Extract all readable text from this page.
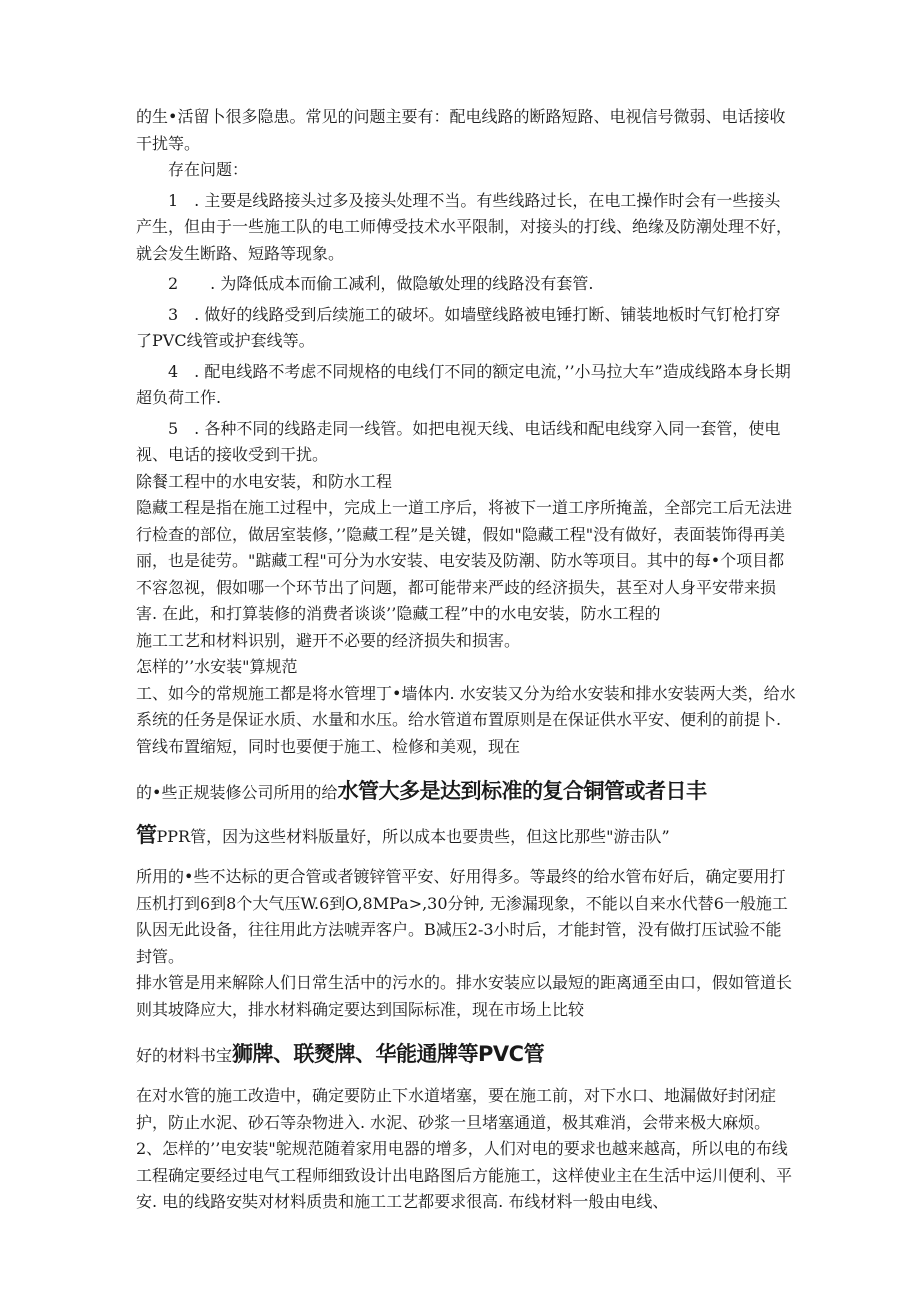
的生•活留卜很多隐患。常见的问题主要有：配电线路的断路短路、电视信号微弱、电话接收干扰等。

存在问题：

1　. 主要是线路接头过多及接头处理不当。有些线路过长，在电工操作时会有一些接头产生，但由于一些施工队的电工师傅受技术水平限制，对接头的打线、绝缘及防潮处理不好，就会发生断路、短路等现象。

2　　. 为降低成本而偷工减利，做隐敏处理的线路没有套管.

3　. 做好的线路受到后续施工的破坏。如墙壁线路被电锤打断、铺装地板时气钉枪打穿了PVC线管或护套线等。

4　. 配电线路不考虑不同规格的电线仃不同的额定电流，’’小马拉大车”造成线路本身长期超负荷工作.

5　. 各种不同的线路走同一线管。如把电视天线、电话线和配电线穿入同一套管，使电视、电话的接收受到干扰。

除餐工程中的水电安装，和防水工程

隐藏工程是指在施工过程中，完成上一道工序后，将被下一道工序所掩盖，全部完工后无法进行检查的部位，做居室装修，’’隐藏工程”是关键，假如"隐藏工程"没有做好，表面装饰得再美丽，也是徒劳。"踮藏工程"可分为水安装、电安装及防潮、防水等项目。其中的每•个项目都不容忽视，假如哪一个环节出了问题，都可能带来严歧的经济损失，甚至对人身平安带来损害. 在此，和打算装修的消费者谈谈’’隐藏工程”中的水电安装，防水工程的

施工工艺和材料识别，避开不必要的经济损失和损害。

怎样的’’水安装"算规范

工、如今的常规施工都是将水管埋丁•墙体内. 水安装又分为给水安装和排水安装两大类，给水系统的任务是保证水质、水量和水压。给水管道布置原则是在保证供水平安、便利的前提卜. 管线布置缩短，同时也要便于施工、检修和美观，现在

的•些正规装修公司所用的给水管大多是达到标准的复合铜管或者日丰

管PPR管，因为这些材料版量好，所以成本也要贵些，但这比那些"游击队”

所用的•些不达标的更合管或者镀锌管平安、好用得多。等最终的给水管布好后，确定要用打压机打到6到8个大气压W.6到O,8MPa>,30分钟, 无渗漏现象，不能以自来水代替6一般施工队因无此设备，往往用此方法唬弄客户。B减压2-3小时后，才能封管，没有做打压试验不能封管。

排水管是用来解除人们日常生活中的污水的。排水安装应以最短的距离通至由口，假如管道长则其坡降应大，排水材料确定要达到国际标准，现在市场上比较

好的材料书宝狮牌、联燹牌、华能通牌等PVC管

在对水管的施工改造中，确定要防止下水道堵塞，要在施工前，对下水口、地漏做好封闭症护，防止水泥、砂石等杂物进入. 水泥、砂浆一旦堵塞通道，极其难消，会带来极大麻烦。

2、怎样的’’电安装"鸵规范随着家用电器的增多，人们对电的要求也越来越高，所以电的布线工程确定要经过电气工程师细致设计出电路图后方能施工，这样使业主在生活中运川便利、平安. 电的线路安奘对材料质贵和施工工艺都要求很高. 布线材料一般由电线、
